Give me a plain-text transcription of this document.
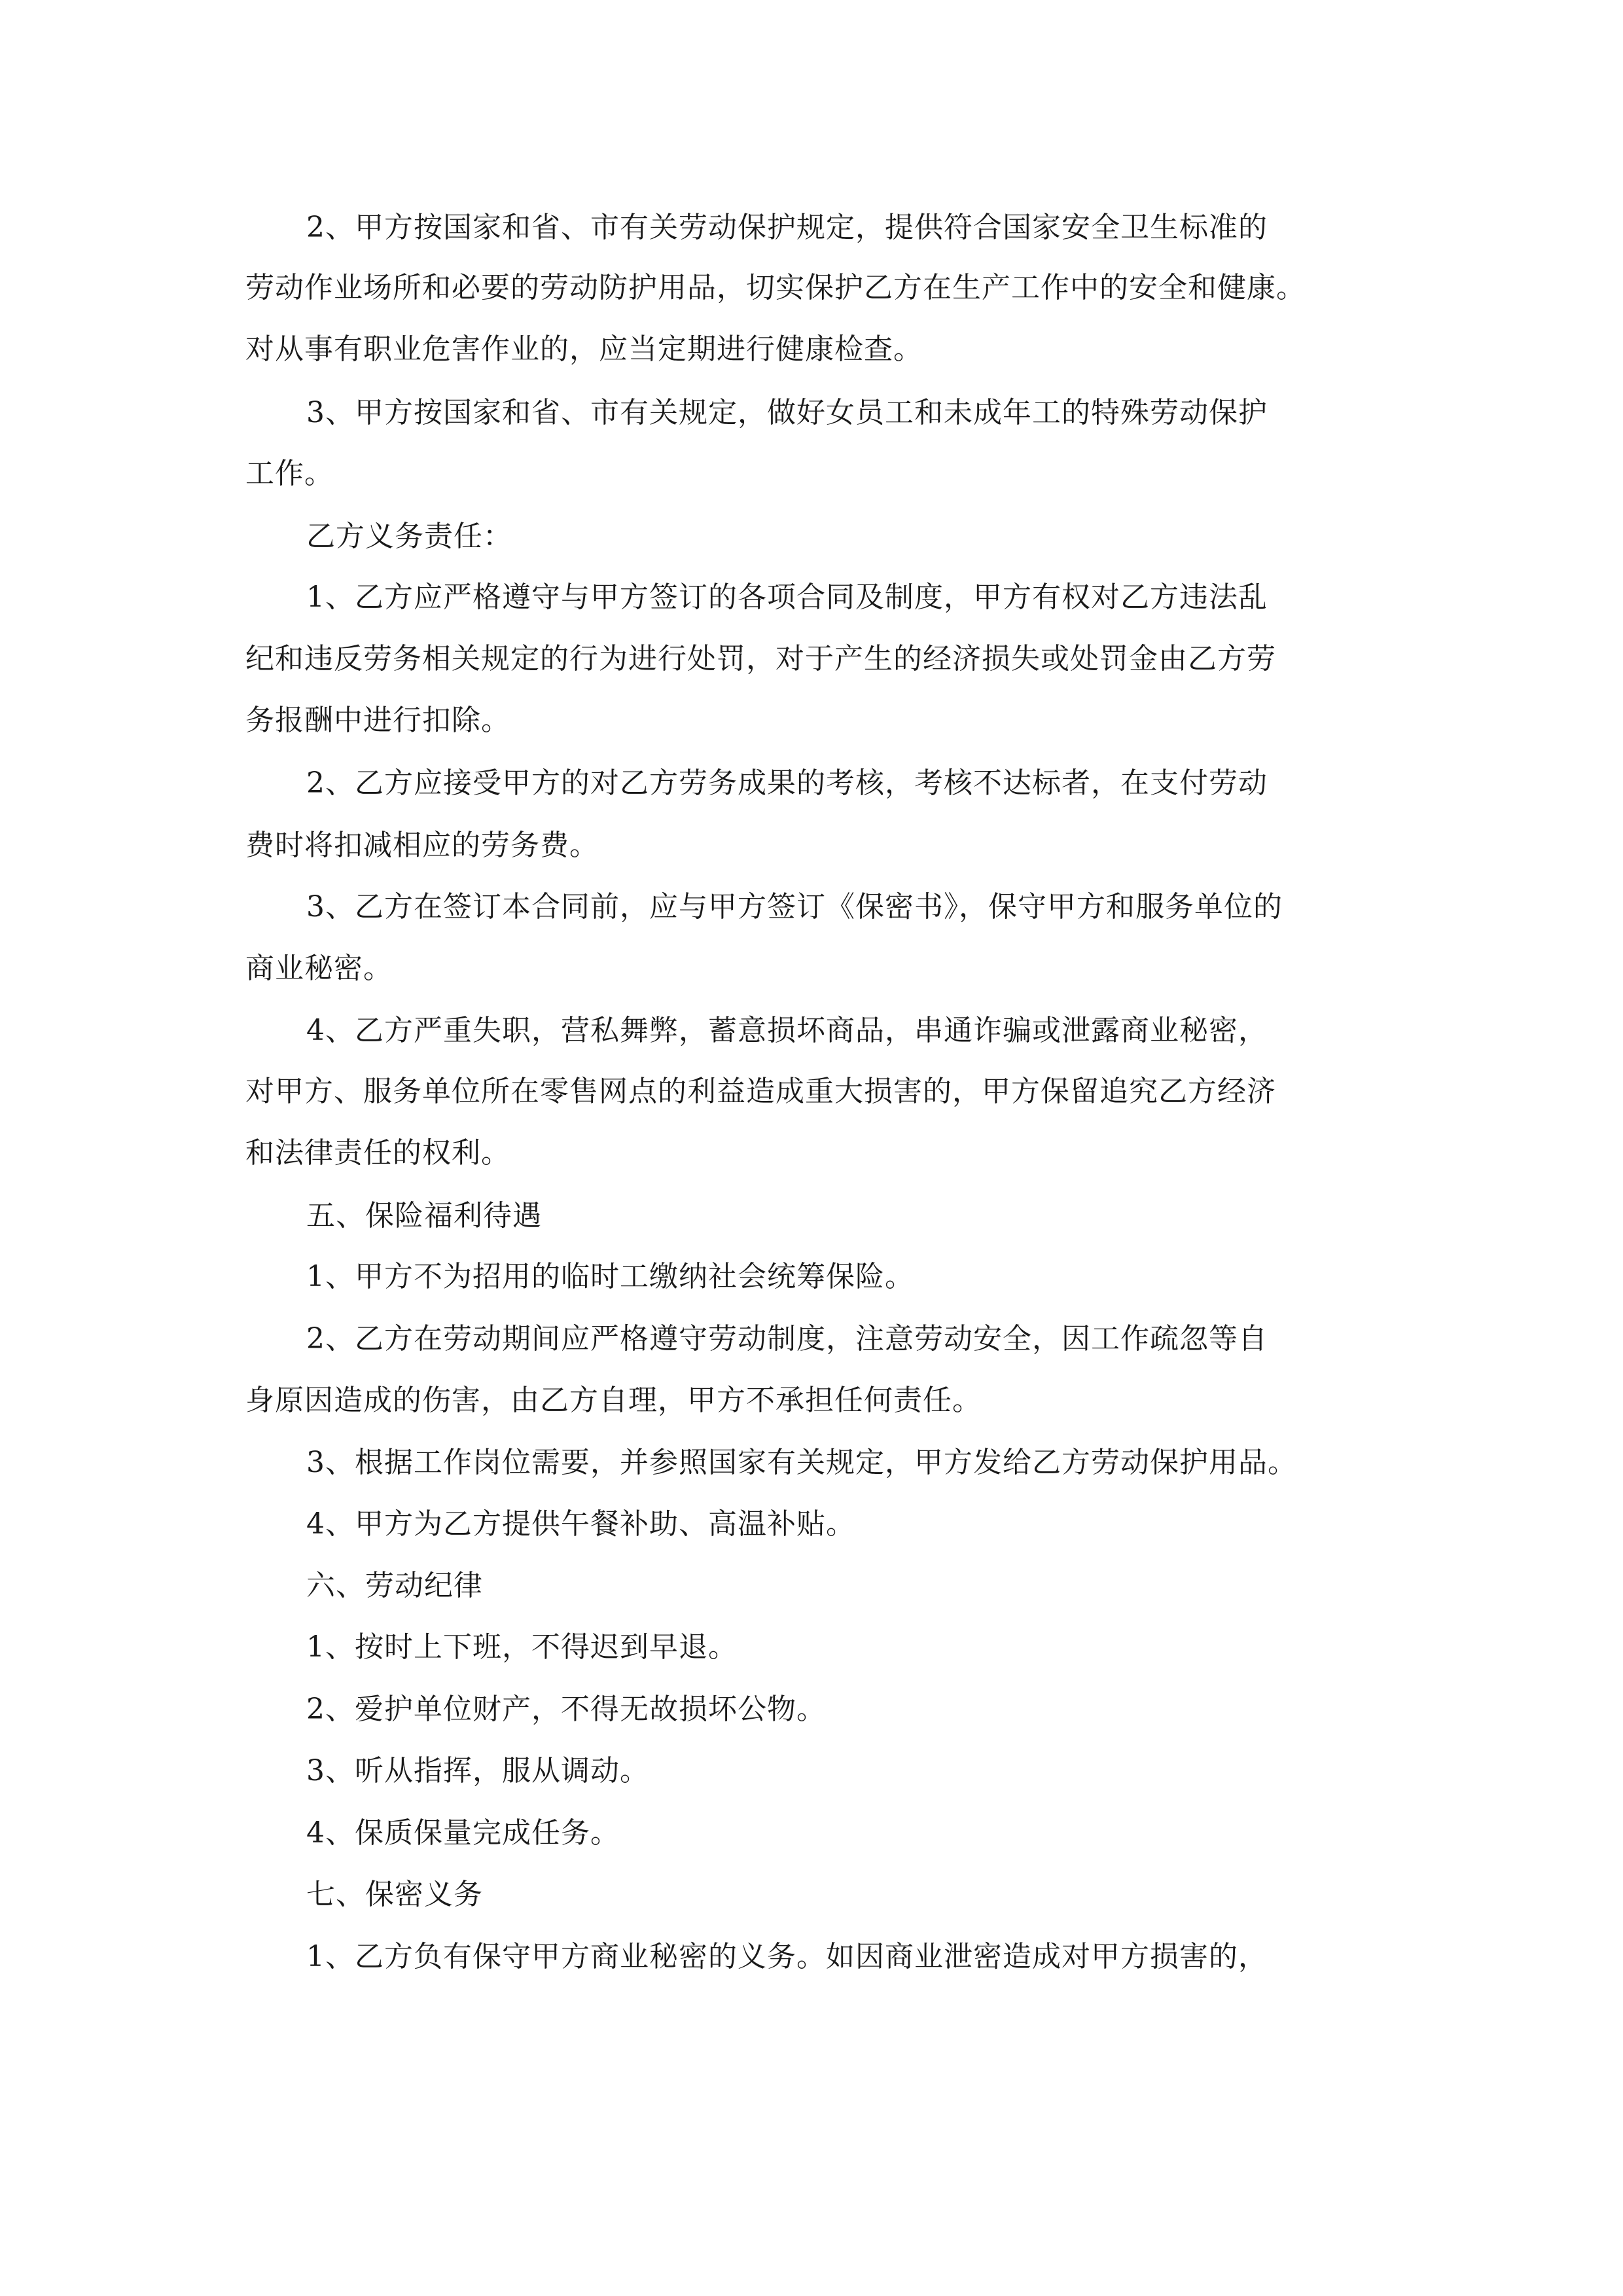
2、甲方按国家和省、市有关劳动保护规定，提供符合国家安全卫生标准的
劳动作业场所和必要的劳动防护用品，切实保护乙方在生产工作中的安全和健康。
对从事有职业危害作业的，应当定期进行健康检查。
3、甲方按国家和省、市有关规定，做好女员工和未成年工的特殊劳动保护
工作。
乙方义务责任：
1、乙方应严格遵守与甲方签订的各项合同及制度，甲方有权对乙方违法乱
纪和违反劳务相关规定的行为进行处罚，对于产生的经济损失或处罚金由乙方劳
务报酬中进行扣除。
2、乙方应接受甲方的对乙方劳务成果的考核，考核不达标者，在支付劳动
费时将扣减相应的劳务费。
3、乙方在签订本合同前，应与甲方签订《保密书》，保守甲方和服务单位的
商业秘密。
4、乙方严重失职，营私舞弊，蓄意损坏商品，串通诈骗或泄露商业秘密，
对甲方、服务单位所在零售网点的利益造成重大损害的，甲方保留追究乙方经济
和法律责任的权利。
五、保险福利待遇
1、甲方不为招用的临时工缴纳社会统筹保险。
2、乙方在劳动期间应严格遵守劳动制度，注意劳动安全，因工作疏忽等自
身原因造成的伤害，由乙方自理，甲方不承担任何责任。
3、根据工作岗位需要，并参照国家有关规定，甲方发给乙方劳动保护用品。
4、甲方为乙方提供午餐补助、高温补贴。
六、劳动纪律
1、按时上下班，不得迟到早退。
2、爱护单位财产，不得无故损坏公物。
3、听从指挥，服从调动。
4、保质保量完成任务。
七、保密义务
1、乙方负有保守甲方商业秘密的义务。如因商业泄密造成对甲方损害的，
